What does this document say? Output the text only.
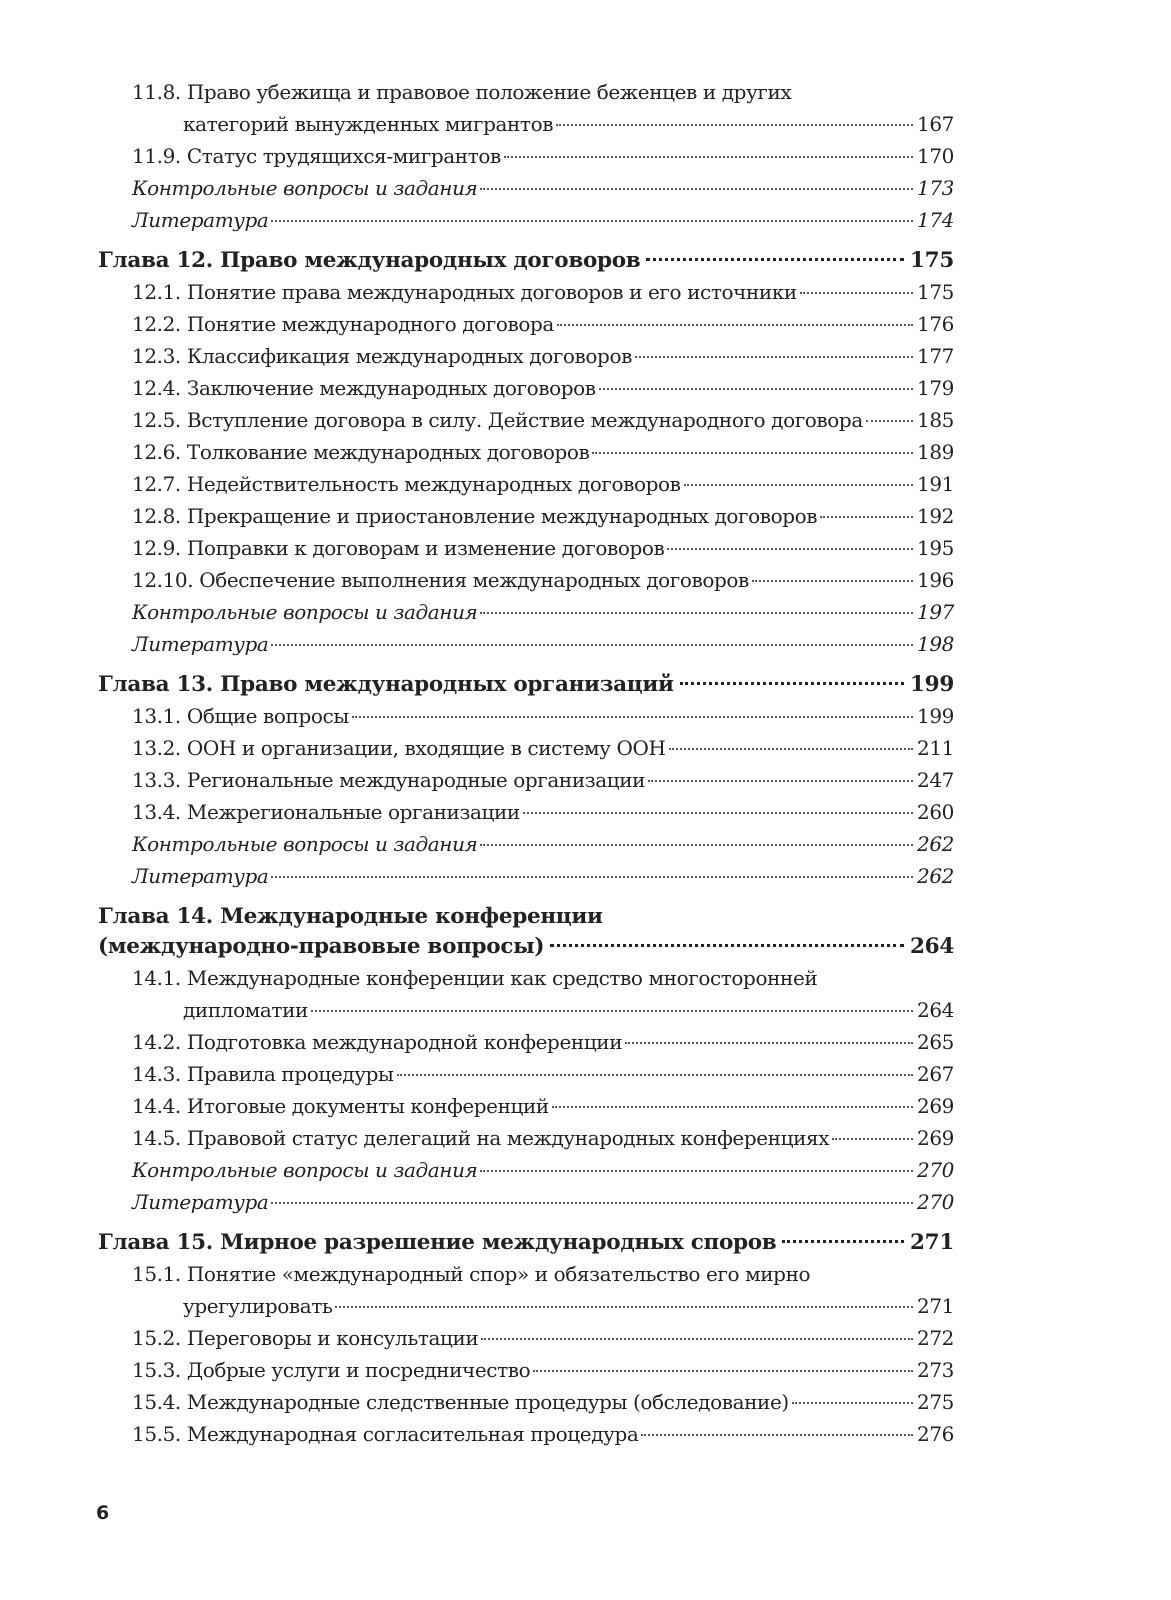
11.8. Право убежища и правовое положение беженцев и других
категорий вынужденных мигрантов	167
11.9. Статус трудящихся-мигрантов	170
Контрольные вопросы и задания	173
Литература	174
Глава 12. Право международных договоров	175
12.1. Понятие права международных договоров и его источники	175
12.2. Понятие международного договора	176
12.3. Классификация международных договоров	177
12.4. Заключение международных договоров	179
12.5. Вступление договора в силу. Действие международного договора	185
12.6. Толкование международных договоров	189
12.7. Недействительность международных договоров	191
12.8. Прекращение и приостановление международных договоров	192
12.9. Поправки к договорам и изменение договоров	195
12.10. Обеспечение выполнения международных договоров	196
Контрольные вопросы и задания	197
Литература	198
Глава 13. Право международных организаций	199
13.1. Общие вопросы	199
13.2. ООН и организации, входящие в систему ООН	211
13.3. Региональные международные организации	247
13.4. Межрегиональные организации	260
Контрольные вопросы и задания	262
Литература	262
Глава 14. Международные конференции
(международно-правовые вопросы)	264
14.1. Международные конференции как средство многосторонней
дипломатии	264
14.2. Подготовка международной конференции	265
14.3. Правила процедуры	267
14.4. Итоговые документы конференций	269
14.5. Правовой статус делегаций на международных конференциях	269
Контрольные вопросы и задания	270
Литература	270
Глава 15. Мирное разрешение международных споров	271
15.1. Понятие «международный спор» и обязательство его мирно
урегулировать	271
15.2. Переговоры и консультации	272
15.3. Добрые услуги и посредничество	273
15.4. Международные следственные процедуры (обследование)	275
15.5. Международная согласительная процедура	276
6
